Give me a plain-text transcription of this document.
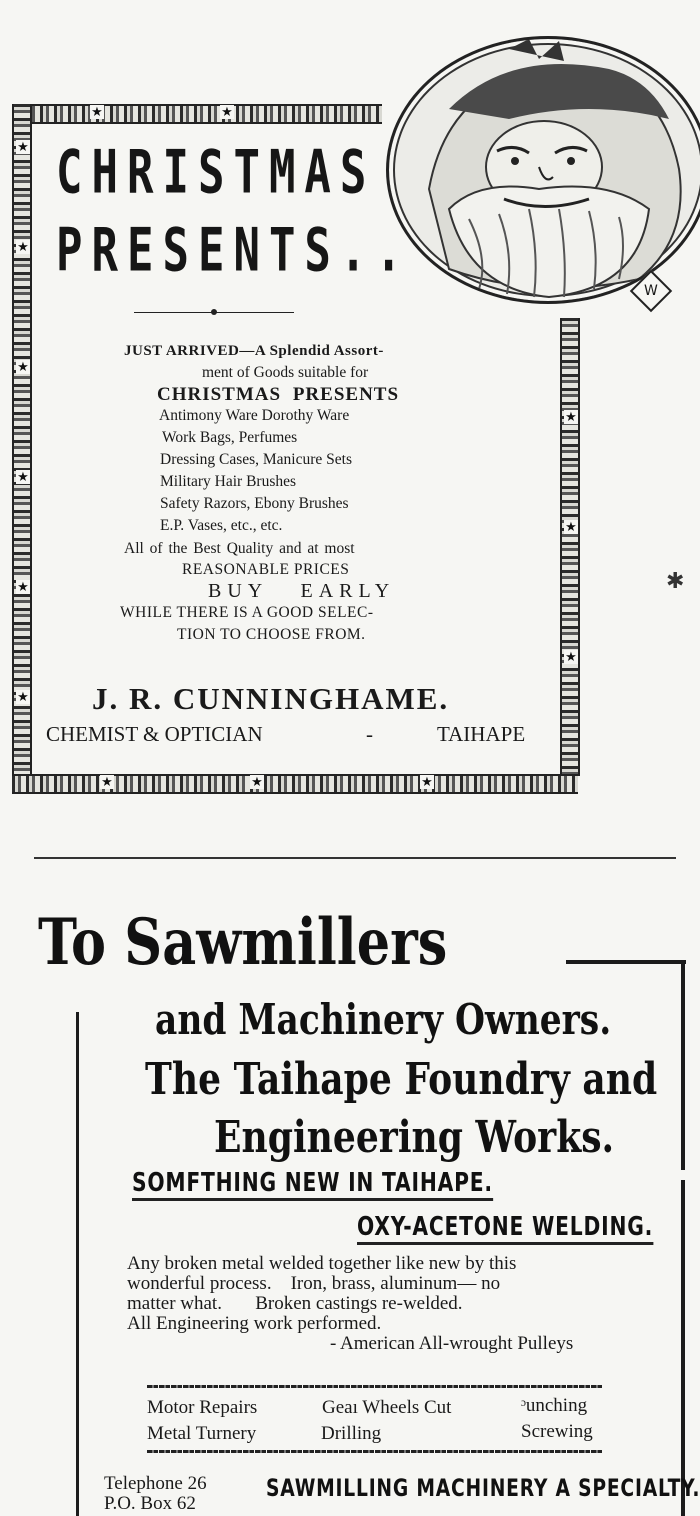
★
★
★
★
★
★
★
★
★
★	★
★	★	★
CHRISTMAS
PRESENTS..
W
JUST ARRIVED—A Splendid Assort-
ment of Goods suitable for
CHRISTMAS PRESENTS
Antimony Ware Dorothy Ware
Work Bags, Perfumes
Dressing Cases, Manicure Sets
Military Hair Brushes
Safety Razors, Ebony Brushes
E.P. Vases, etc., etc.
All of the Best Quality and at most
REASONABLE PRICES
BUY EARLY
WHILE THERE IS A GOOD SELEC-
TION TO CHOOSE FROM.
J. R. CUNNINGHAME.
CHEMIST & OPTICIAN	-	TAIHAPE
✱
To Sawmillers
and Machinery Owners.
The Taihape Foundry and
Engineering Works.
SOMFTHING NEW IN TAIHAPE.
OXY-ACETONE WELDING.
Any broken metal welded together like new by this
wonderful process.    Iron, brass, aluminum— no
matter what.       Broken castings re-welded.
All Engineering work performed.
- American All-wrought Pulleys
Motor Repairs	Geaı Wheels Cut	ᵓunching
Metal Turnery	Drilling	Screwing
Telephone 26
P.O. Box 62
SAWMILLING MACHINERY A SPECIALTY.
